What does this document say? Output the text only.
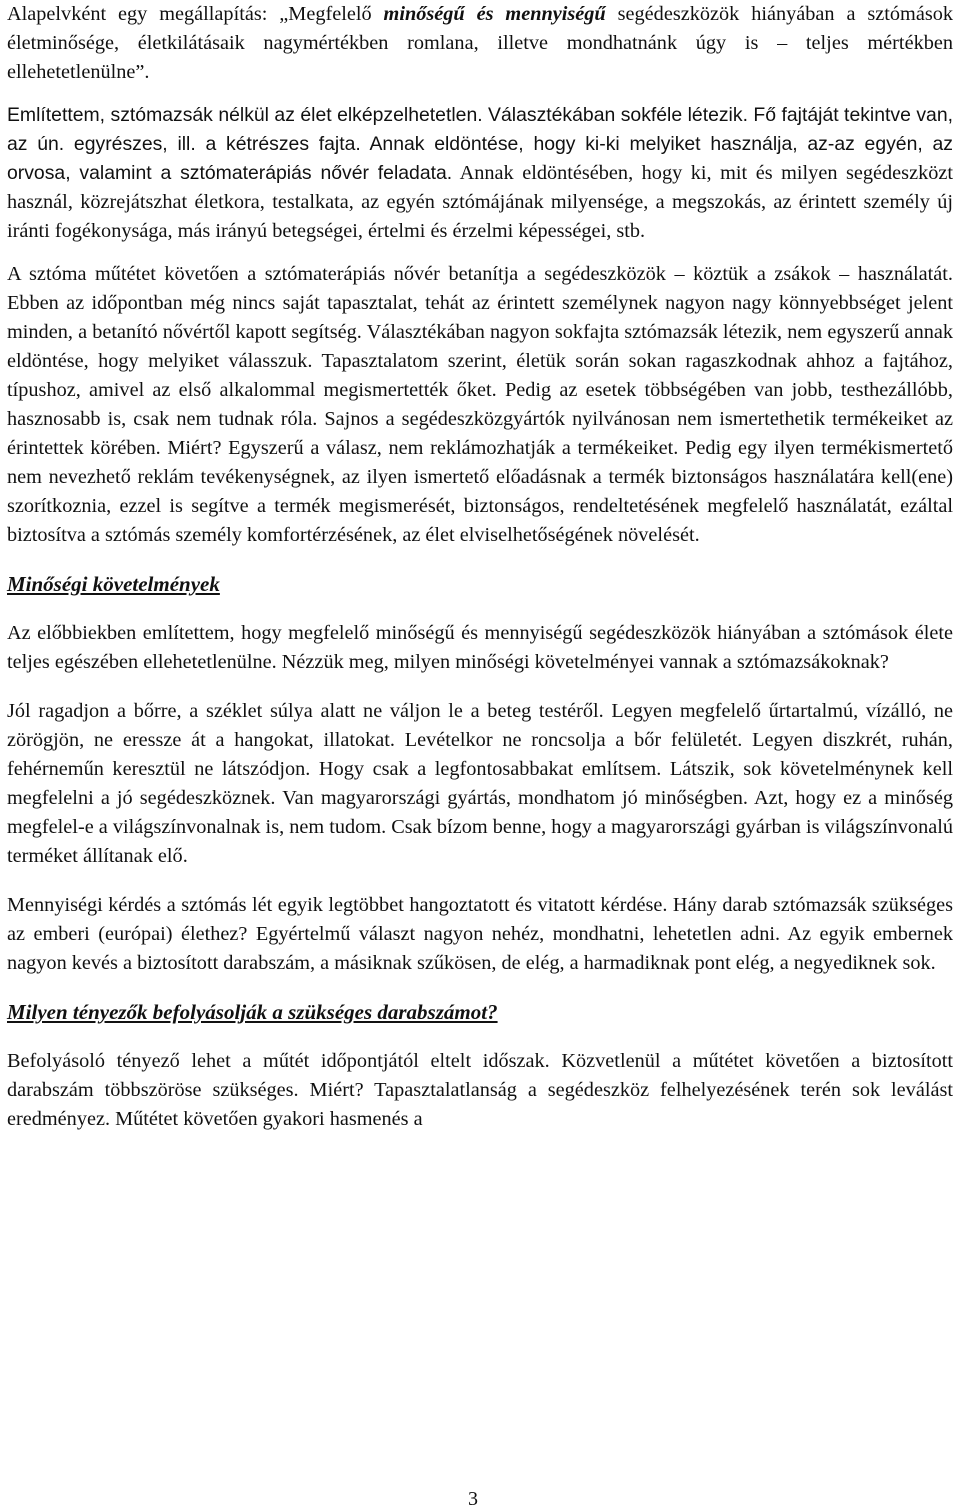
Alapelvként egy megállapítás: „Megfelelő minőségű és mennyiségű segédeszközök hiányában a sztómások életminősége, életkilátásaik nagymértékben romlana, illetve mondhatnánk úgy is – teljes mértékben ellehetetlenülne”.

Említettem, sztómazsák nélkül az élet elképzelhetetlen. Választékában sokféle létezik. Fő fajtáját tekintve van, az ún. egyrészes, ill. a kétrészes fajta. Annak eldöntése, hogy ki-ki melyiket használja, az-az egyén, az orvosa, valamint a sztómaterápiás nővér feladata. Annak eldöntésében, hogy ki, mit és milyen segédeszközt használ, közrejátszhat életkora, testalkata, az egyén sztómájának milyensége, a megszokás, az érintett személy új iránti fogékonysága, más irányú betegségei, értelmi és érzelmi képességei, stb.

A sztóma műtétet követően a sztómaterápiás nővér betanítja a segédeszközök – köztük a zsákok – használatát. Ebben az időpontban még nincs saját tapasztalat, tehát az érintett személynek nagyon nagy könnyebbséget jelent minden, a betanító nővértől kapott segítség. Választékában nagyon sokfajta sztómazsák létezik, nem egyszerű annak eldöntése, hogy melyiket válasszuk. Tapasztalatom szerint, életük során sokan ragaszkodnak ahhoz a fajtához, típushoz, amivel az első alkalommal megismertették őket. Pedig az esetek többségében van jobb, testhezállóbb, hasznosabb is, csak nem tudnak róla. Sajnos a segédeszközgyártók nyilvánosan nem ismertethetik termékeiket az érintettek körében. Miért? Egyszerű a válasz, nem reklámozhatják a termékeiket. Pedig egy ilyen termékismertető nem nevezhető reklám tevékenységnek, az ilyen ismertető előadásnak a termék biztonságos használatára kell(ene) szorítkoznia, ezzel is segítve a termék megismerését, biztonságos, rendeltetésének megfelelő használatát, ezáltal biztosítva a sztómás személy komfortérzésének, az élet elviselhetőségének növelését.

Minőségi követelmények

Az előbbiekben említettem, hogy megfelelő minőségű és mennyiségű segédeszközök hiányában a sztómások élete teljes egészében ellehetetlenülne. Nézzük meg, milyen minőségi követelményei vannak a sztómazsákoknak?

Jól ragadjon a bőrre, a széklet súlya alatt ne váljon le a beteg testéről. Legyen megfelelő űrtartalmú, vízálló, ne zörögjön, ne eressze át a hangokat, illatokat. Levételkor ne roncsolja a bőr felületét. Legyen diszkrét, ruhán, fehérneműn keresztül ne látszódjon. Hogy csak a legfontosabbakat említsem. Látszik, sok követelménynek kell megfelelni a jó segédeszköznek. Van magyarországi gyártás, mondhatom jó minőségben. Azt, hogy ez a minőség megfelel-e a világszínvonalnak is, nem tudom. Csak bízom benne, hogy a magyarországi gyárban is világszínvonalú terméket állítanak elő.

Mennyiségi kérdés a sztómás lét egyik legtöbbet hangoztatott és vitatott kérdése. Hány darab sztómazsák szükséges az emberi (európai) élethez? Egyértelmű választ nagyon nehéz, mondhatni, lehetetlen adni. Az egyik embernek nagyon kevés a biztosított darabszám, a másiknak szűkösen, de elég, a harmadiknak pont elég, a negyediknek sok.

Milyen tényezők befolyásolják a szükséges darabszámot?

Befolyásoló tényező lehet a műtét időpontjától eltelt időszak. Közvetlenül a műtétet követően a biztosított darabszám többszöröse szükséges. Miért? Tapasztalatlanság a segédeszköz felhelyezésének terén sok leválást eredményez. Műtétet követően gyakori hasmenés a

3
